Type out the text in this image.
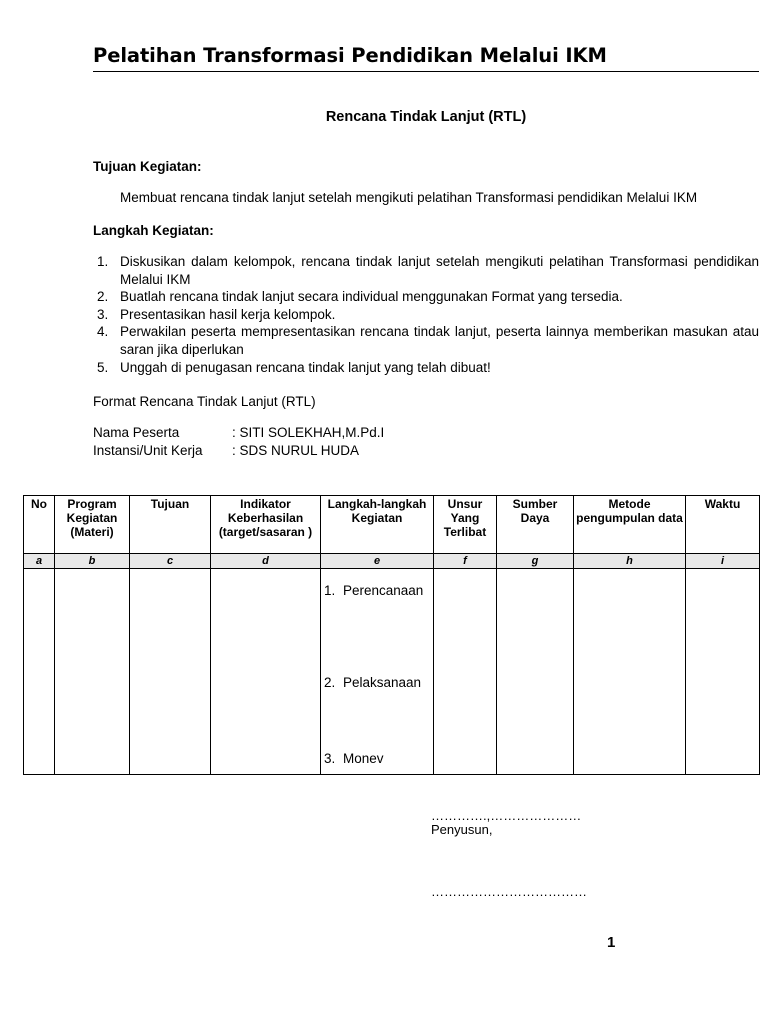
Pelatihan Transformasi Pendidikan Melalui IKM
Rencana Tindak Lanjut (RTL)
Tujuan Kegiatan:
Membuat rencana tindak lanjut setelah mengikuti pelatihan Transformasi pendidikan Melalui IKM
Langkah Kegiatan:
1. Diskusikan dalam kelompok, rencana tindak lanjut setelah mengikuti pelatihan Transformasi pendidikan Melalui IKM
2. Buatlah rencana tindak lanjut secara individual menggunakan Format yang tersedia.
3. Presentasikan hasil kerja kelompok.
4. Perwakilan peserta mempresentasikan rencana tindak lanjut, peserta lainnya memberikan masukan atau saran jika diperlukan
5. Unggah di penugasan rencana tindak lanjut yang telah dibuat!
Format Rencana Tindak Lanjut (RTL)
Nama Peserta	: SITI SOLEKHAH,M.Pd.I
Instansi/Unit Kerja : SDS NURUL HUDA
No	Program Kegiatan (Materi)	Tujuan	Indikator Keberhasilan (target/sasaran )	Langkah-langkah Kegiatan	Unsur Yang Terlibat	Sumber Daya	Metode pengumpulan data	Waktu
a	b	c	d	e	f	g	h	i

				1. Perencanaan
2. Pelaksanaan
3. Monev				

………….,…………………
Penyusun,
………………………………
1
